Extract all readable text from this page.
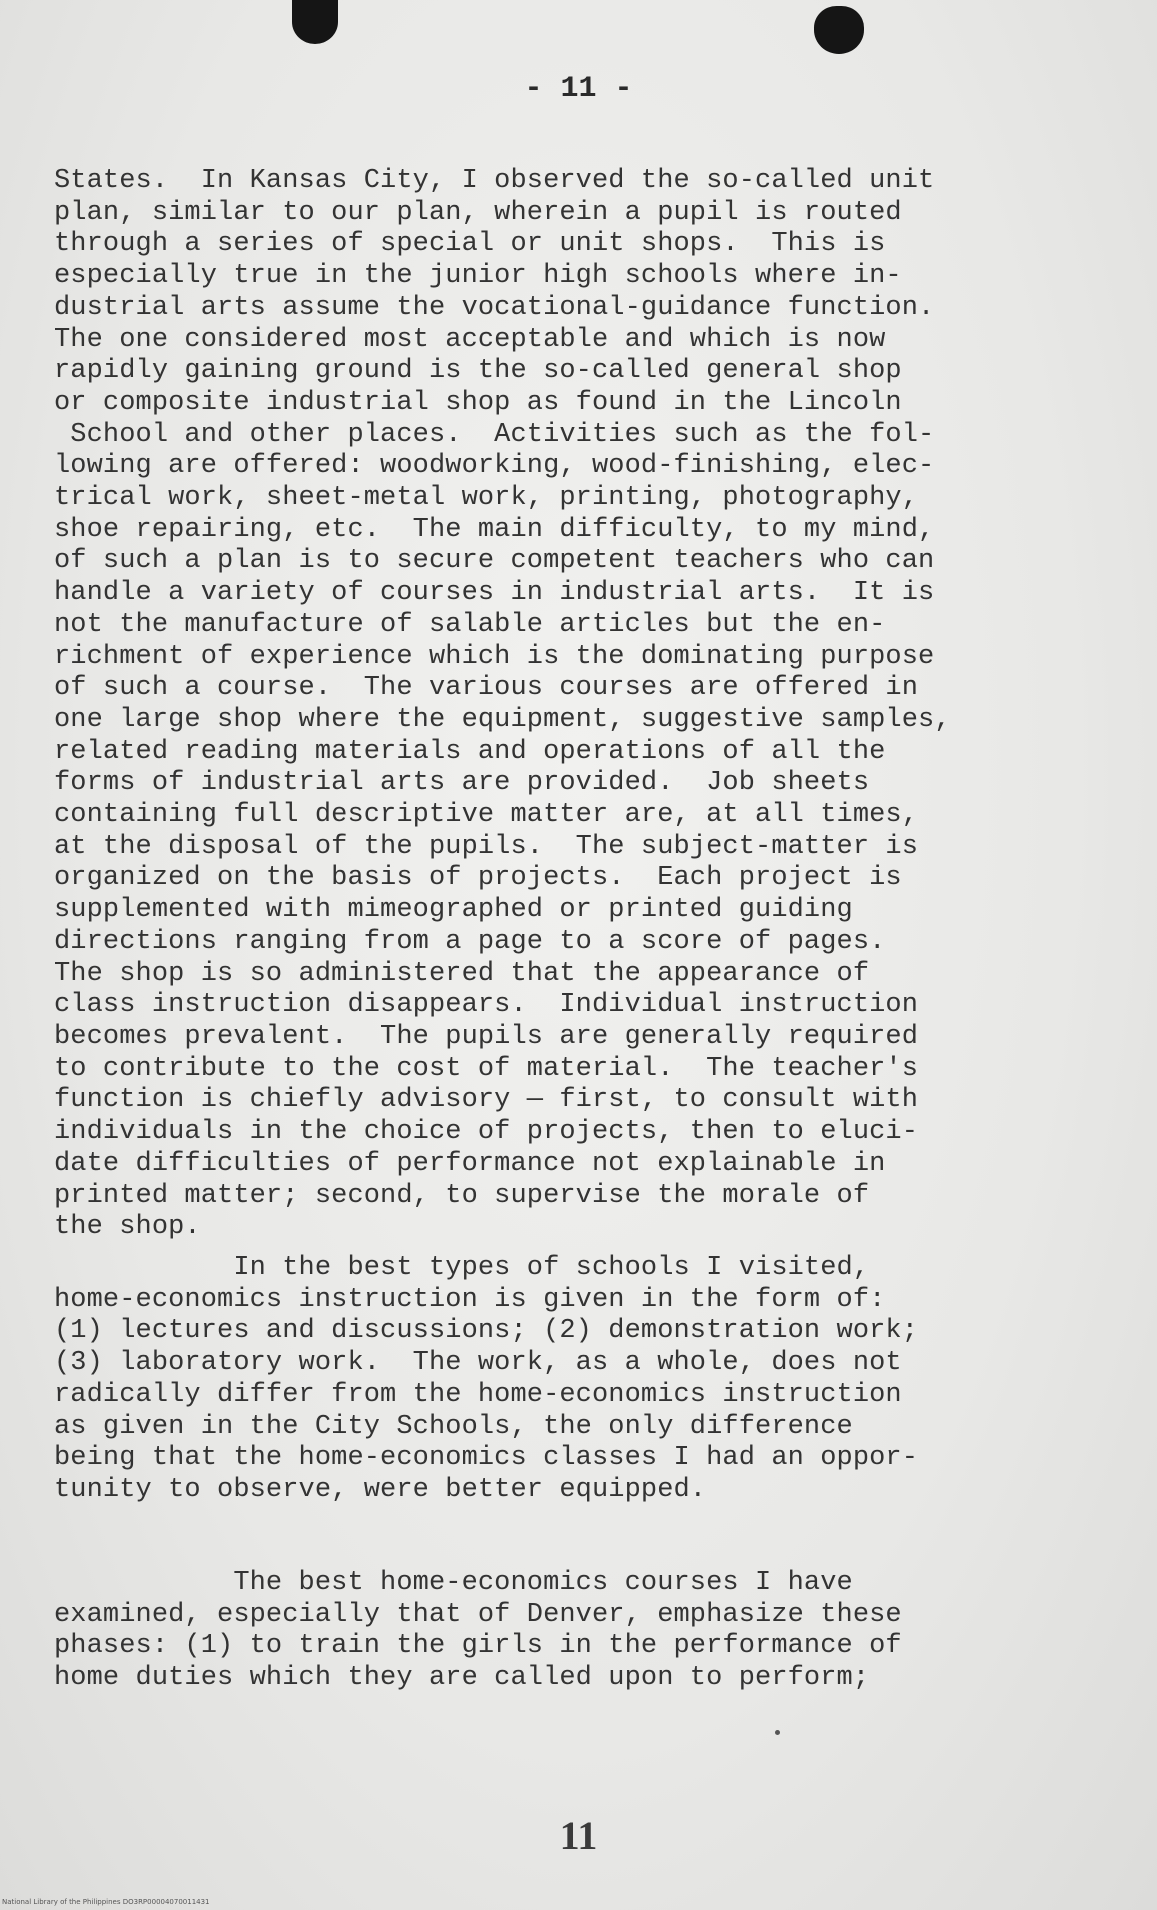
- 11 -
States.  In Kansas City, I observed the so-called unit
plan, similar to our plan, wherein a pupil is routed
through a series of special or unit shops.  This is
especially true in the junior high schools where in-
dustrial arts assume the vocational-guidance function.
The one considered most acceptable and which is now
rapidly gaining ground is the so-called general shop
or composite industrial shop as found in the Lincoln
School and other places.  Activities such as the fol-
lowing are offered: woodworking, wood-finishing, elec-
trical work, sheet-metal work, printing, photography,
shoe repairing, etc.  The main difficulty, to my mind,
of such a plan is to secure competent teachers who can
handle a variety of courses in industrial arts.  It is
not the manufacture of salable articles but the en-
richment of experience which is the dominating purpose
of such a course.  The various courses are offered in
one large shop where the equipment, suggestive samples,
related reading materials and operations of all the
forms of industrial arts are provided.  Job sheets
containing full descriptive matter are, at all times,
at the disposal of the pupils.  The subject-matter is
organized on the basis of projects.  Each project is
supplemented with mimeographed or printed guiding
directions ranging from a page to a score of pages.
The shop is so administered that the appearance of
class instruction disappears.  Individual instruction
becomes prevalent.  The pupils are generally required
to contribute to the cost of material.  The teacher's
function is chiefly advisory — first, to consult with
individuals in the choice of projects, then to eluci-
date difficulties of performance not explainable in
printed matter; second, to supervise the morale of
the shop.
In the best types of schools I visited,
home-economics instruction is given in the form of:
(1) lectures and discussions; (2) demonstration work;
(3) laboratory work.  The work, as a whole, does not
radically differ from the home-economics instruction
as given in the City Schools, the only difference
being that the home-economics classes I had an oppor-
tunity to observe, were better equipped.
The best home-economics courses I have
examined, especially that of Denver, emphasize these
phases: (1) to train the girls in the performance of
home duties which they are called upon to perform;
11
National Library of the Philippines DO3RP00004070011431
